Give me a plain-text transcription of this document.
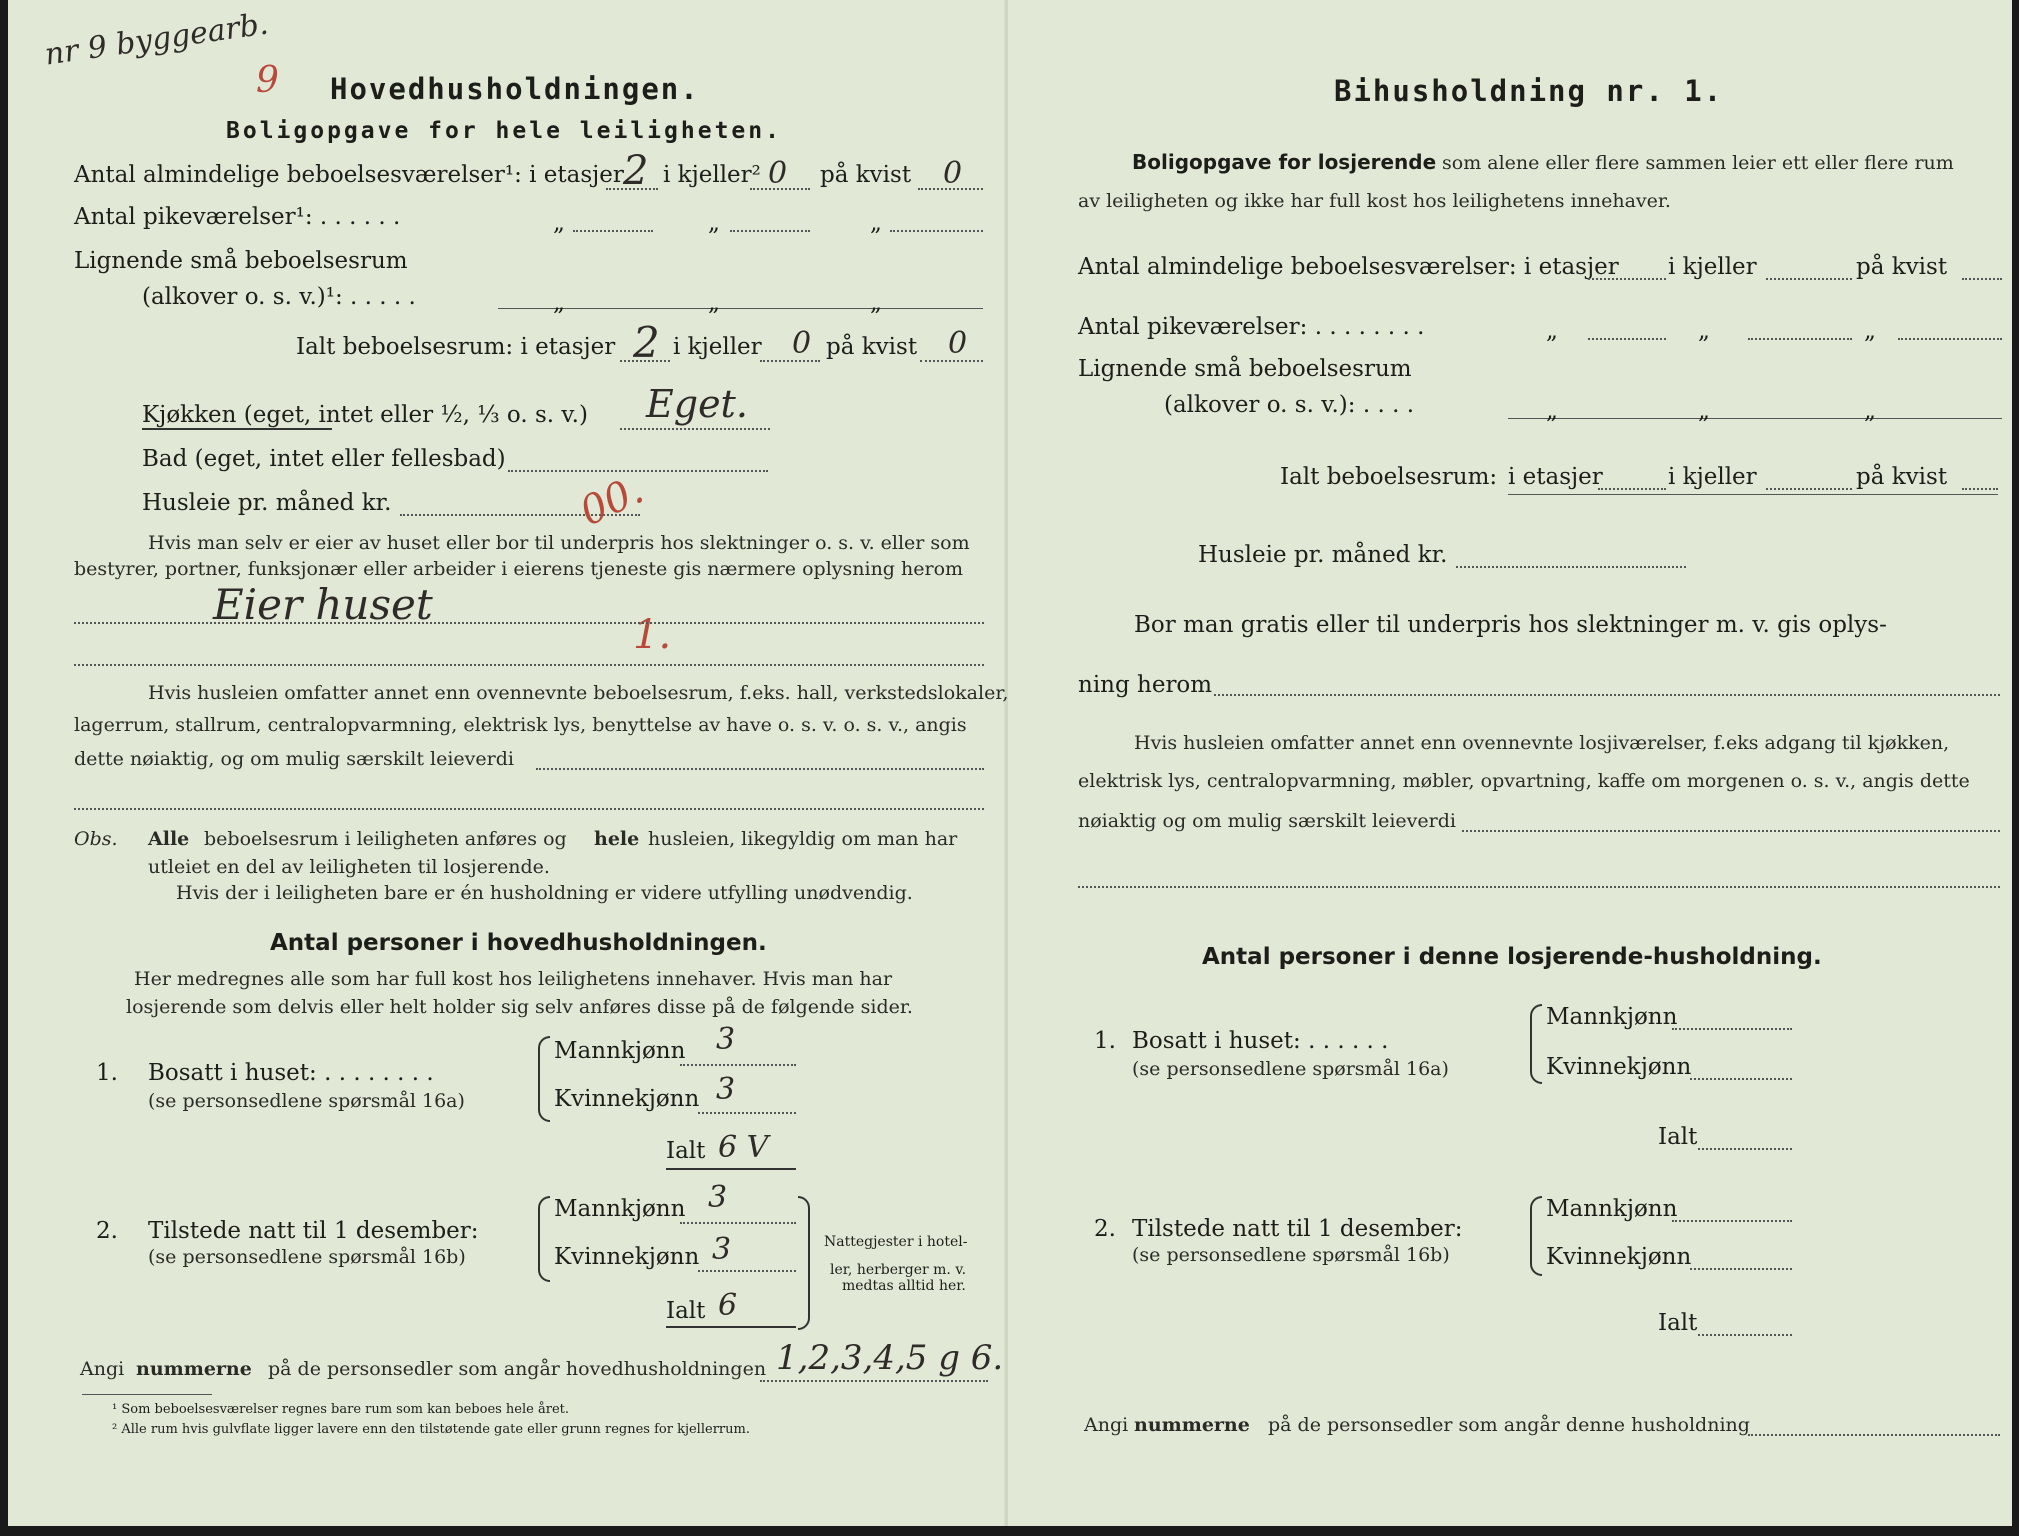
nr 9 byggearb.
9 Hovedhusholdningen.
Boligopgave for hele leiligheten.
Antal almindelige beboelsesværelser¹: i etasjer 2 i kjeller² 0 på kvist 0
Antal pikeværelser¹: . . . . . .	„	„	„
Lignende små beboelsesrum
(alkover o. s. v.)¹: . . . . .	„	„	„
Ialt beboelsesrum: i etasjer 2 i kjeller 0 på kvist 0
Kjøkken (eget, intet eller ½, ⅓ o. s. v.) Eget.
Bad (eget, intet eller fellesbad)
Husleie pr. måned kr.	00.
Hvis man selv er eier av huset eller bor til underpris hos slektninger o. s. v. eller som
bestyrer, portner, funksjonær eller arbeider i eierens tjeneste gis nærmere oplysning herom
Eier huset
1.
Hvis husleien omfatter annet enn ovennevnte beboelsesrum, f.eks. hall, verkstedslokaler,
lagerrum, stallrum, centralopvarmning, elektrisk lys, benyttelse av have o. s. v. o. s. v., angis
dette nøiaktig, og om mulig særskilt leieverdi
Obs. Alle beboelsesrum i leiligheten anføres og hele husleien, likegyldig om man har
utleiet en del av leiligheten til losjerende.
Hvis der i leiligheten bare er én husholdning er videre utfylling unødvendig.
Antal personer i hovedhusholdningen.
Her medregnes alle som har full kost hos leilighetens innehaver. Hvis man har
losjerende som delvis eller helt holder sig selv anføres disse på de følgende sider.
1. Bosatt i huset: . . . . . . . .
(se personsedlene spørsmål 16a)
Mannkjønn 3
Kvinnekjønn 3
Ialt 6 V
2. Tilstede natt til 1 desember:
(se personsedlene spørsmål 16b)
Mannkjønn 3
Kvinnekjønn 3
Ialt 6
Nattegjester i hotel-
ler, herberger m. v.
medtas alltid her.
Angi nummerne på de personsedler som angår hovedhusholdningen 1,2,3,4,5 g 6.
¹ Som beboelsesværelser regnes bare rum som kan beboes hele året.
² Alle rum hvis gulvflate ligger lavere enn den tilstøtende gate eller grunn regnes for kjellerrum.
Bihusholdning nr. 1.
Boligopgave for losjerende som alene eller flere sammen leier ett eller flere rum
av leiligheten og ikke har full kost hos leilighetens innehaver.
Antal almindelige beboelsesværelser: i etasjer i kjeller	på kvist
Antal pikeværelser: . . . . . . . .	„	„	„
Lignende små beboelsesrum
(alkover o. s. v.): . . . .	„	„	„
Ialt beboelsesrum: i etasjer	i kjeller	på kvist
Husleie pr. måned kr.
Bor man gratis eller til underpris hos slektninger m. v. gis oplys-
ning herom
Hvis husleien omfatter annet enn ovennevnte losjiværelser, f.eks adgang til kjøkken,
elektrisk lys, centralopvarmning, møbler, opvartning, kaffe om morgenen o. s. v., angis dette
nøiaktig og om mulig særskilt leieverdi
Antal personer i denne losjerende-husholdning.
1. Bosatt i huset: . . . . . .
(se personsedlene spørsmål 16a)
Mannkjønn
Kvinnekjønn
Ialt
2. Tilstede natt til 1 desember:
(se personsedlene spørsmål 16b)
Mannkjønn
Kvinnekjønn
Ialt
Angi nummerne på de personsedler som angår denne husholdning
